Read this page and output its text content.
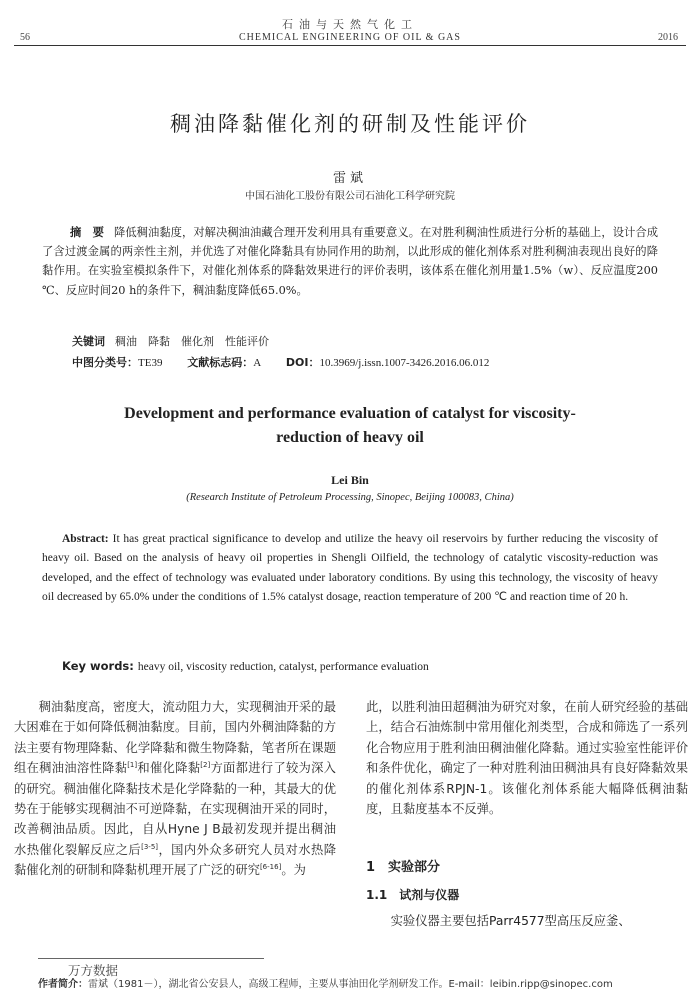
石油与天然气化工
56	CHEMICAL ENGINEERING OF OIL & GAS	2016
稠油降黏催化剂的研制及性能评价
雷斌
中国石油化工股份有限公司石油化工科学研究院
摘　要 降低稠油黏度，对解决稠油油藏合理开发利用具有重要意义。在对胜利稠油性质进行分析的基础上，设计合成了含过渡金属的两亲性主剂，并优选了对催化降黏具有协同作用的助剂，以此形成的催化剂体系对胜利稠油表现出良好的降黏作用。在实验室模拟条件下，对催化剂体系的降黏效果进行的评价表明，该体系在催化剂用量1.5%（w）、反应温度200 ℃、反应时间20 h的条件下，稠油黏度降低65.0%。
关键词 稠油　降黏　催化剂　性能评价
中图分类号：TE39 文献标志码：A DOI：10.3969/j.issn.1007-3426.2016.06.012
Development and performance evaluation of catalyst for viscosity-reduction of heavy oil
Lei Bin
(Research Institute of Petroleum Processing, Sinopec, Beijing 100083, China)
Abstract: It has great practical significance to develop and utilize the heavy oil reservoirs by further reducing the viscosity of heavy oil. Based on the analysis of heavy oil properties in Shengli Oilfield, the technology of catalytic viscosity-reduction was developed, and the effect of technology was evaluated under laboratory conditions. By using this technology, the viscosity of heavy oil decreased by 65.0% under the conditions of 1.5% catalyst dosage, reaction temperature of 200 ℃ and reaction time of 20 h.
Key words: heavy oil, viscosity reduction, catalyst, performance evaluation
稠油黏度高，密度大，流动阻力大，实现稠油开采的最大困难在于如何降低稠油黏度。目前，国内外稠油降黏的方法主要有物理降黏、化学降黏和微生物降黏，笔者所在课题组在稠油油溶性降黏[1]和催化降黏[2]方面都进行了较为深入的研究。稠油催化降黏技术是化学降黏的一种，其最大的优势在于能够实现稠油不可逆降黏，在实现稠油开采的同时，改善稠油品质。因此，自从Hyne J B最初发现并提出稠油水热催化裂解反应之后[3-5]，国内外众多研究人员对水热降黏催化剂的研制和降黏机理开展了广泛的研究[6-16]。为
此，以胜利油田超稠油为研究对象，在前人研究经验的基础上，结合石油炼制中常用催化剂类型，合成和筛选了一系列化合物应用于胜利油田稠油催化降黏。通过实验室性能评价和条件优化，确定了一种对胜利油田稠油具有良好降黏效果的催化剂体系RPJN-1。该催化剂体系能大幅降低稠油黏度，且黏度基本不反弹。
1　实验部分
1.1　试剂与仪器
实验仪器主要包括Parr4577型高压反应釜、
万方数据
作者简介：雷斌（1981－），湖北省公安县人，高级工程师，主要从事油田化学剂研发工作。E-mail：leibin.ripp@sinopec.com
